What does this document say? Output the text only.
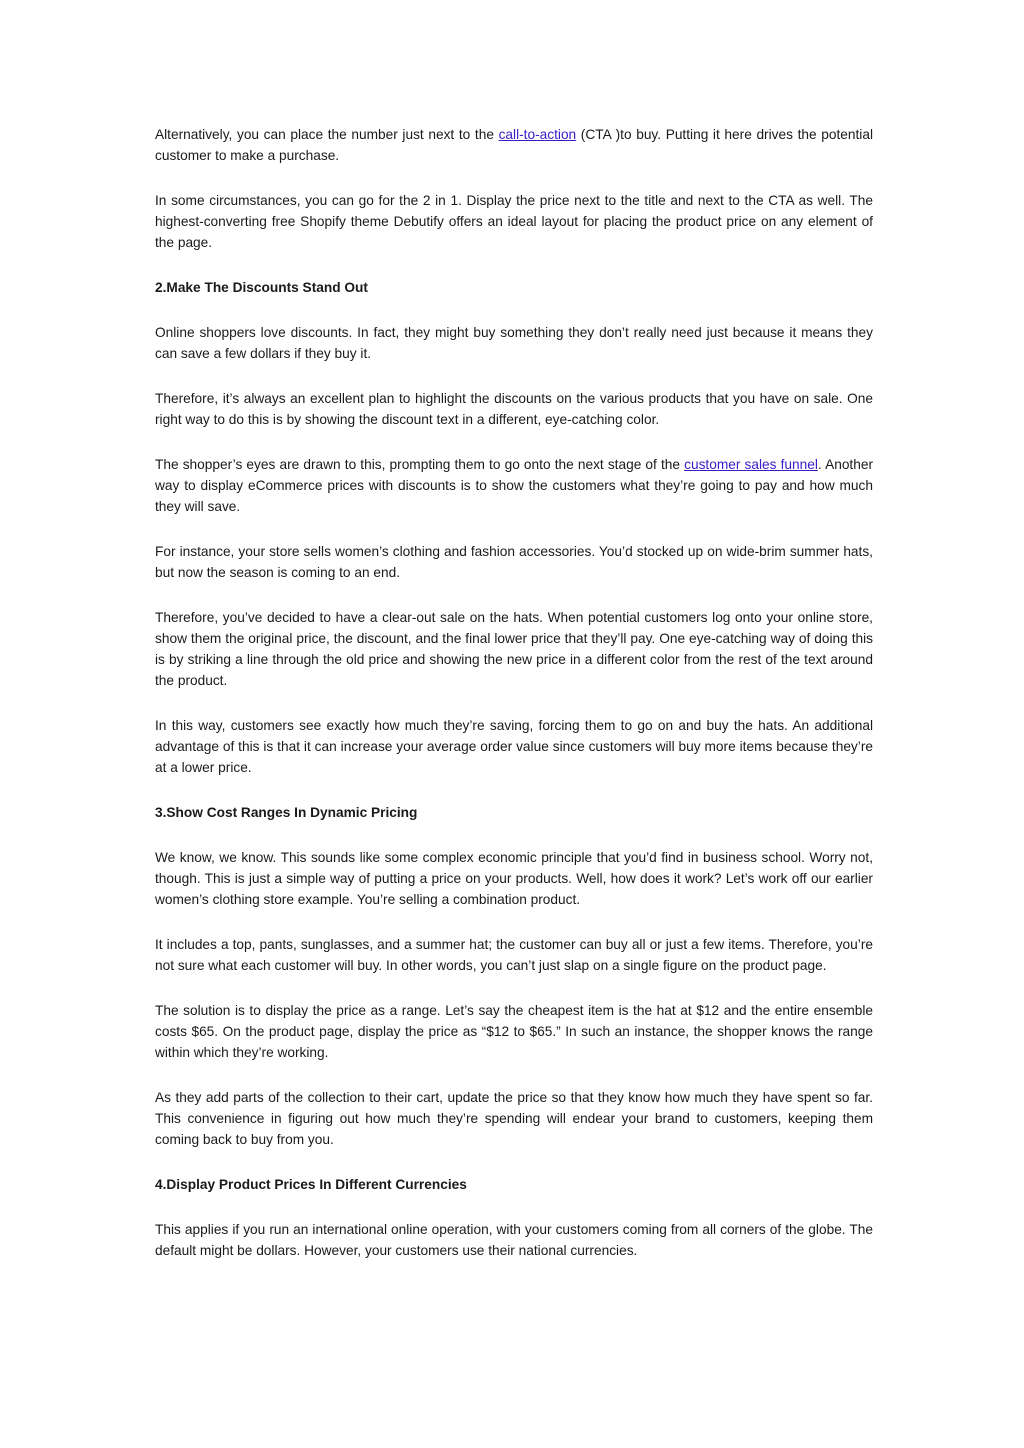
Alternatively, you can place the number just next to the call-to-action (CTA )to buy. Putting it here drives the potential customer to make a purchase.

In some circumstances, you can go for the 2 in 1. Display the price next to the title and next to the CTA as well. The highest-converting free Shopify theme Debutify offers an ideal layout for placing the product price on any element of the page.

2.Make The Discounts Stand Out

Online shoppers love discounts. In fact, they might buy something they don’t really need just because it means they can save a few dollars if they buy it.

Therefore, it’s always an excellent plan to highlight the discounts on the various products that you have on sale. One right way to do this is by showing the discount text in a different, eye-catching color.

The shopper’s eyes are drawn to this, prompting them to go onto the next stage of the customer sales funnel. Another way to display eCommerce prices with discounts is to show the customers what they’re going to pay and how much they will save.

For instance, your store sells women’s clothing and fashion accessories. You’d stocked up on wide-brim summer hats, but now the season is coming to an end.

Therefore, you’ve decided to have a clear-out sale on the hats. When potential customers log onto your online store, show them the original price, the discount, and the final lower price that they’ll pay. One eye-catching way of doing this is by striking a line through the old price and showing the new price in a different color from the rest of the text around the product.

In this way, customers see exactly how much they’re saving, forcing them to go on and buy the hats. An additional advantage of this is that it can increase your average order value since customers will buy more items because they’re at a lower price.

3.Show Cost Ranges In Dynamic Pricing

We know, we know. This sounds like some complex economic principle that you’d find in business school. Worry not, though. This is just a simple way of putting a price on your products. Well, how does it work? Let’s work off our earlier women’s clothing store example. You’re selling a combination product.

It includes a top, pants, sunglasses, and a summer hat; the customer can buy all or just a few items. Therefore, you’re not sure what each customer will buy. In other words, you can’t just slap on a single figure on the product page.

The solution is to display the price as a range. Let’s say the cheapest item is the hat at $12 and the entire ensemble costs $65. On the product page, display the price as “$12 to $65.” In such an instance, the shopper knows the range within which they’re working.

As they add parts of the collection to their cart, update the price so that they know how much they have spent so far. This convenience in figuring out how much they’re spending will endear your brand to customers, keeping them coming back to buy from you.

4.Display Product Prices In Different Currencies

This applies if you run an international online operation, with your customers coming from all corners of the globe. The default might be dollars. However, your customers use their national currencies.
